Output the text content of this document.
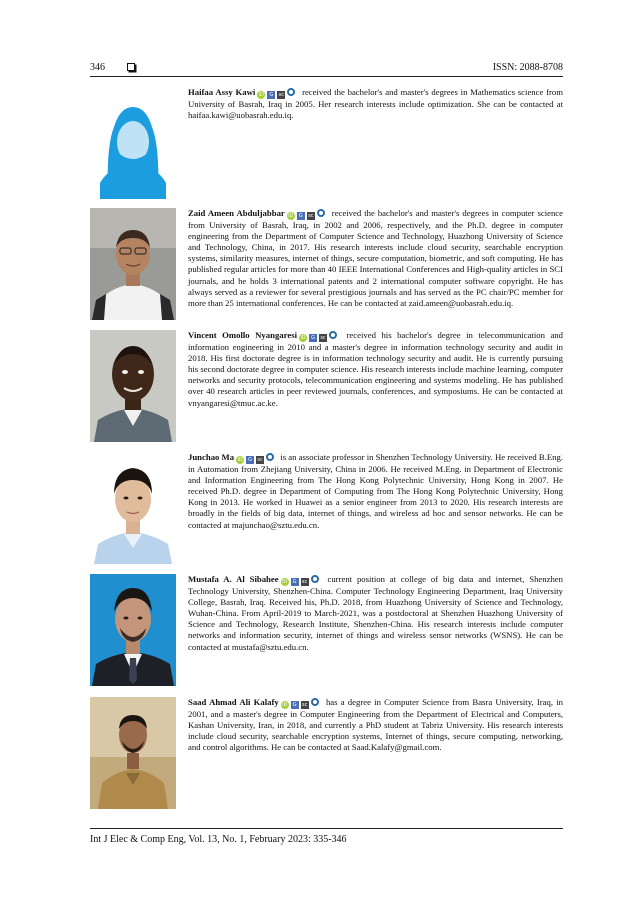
346	ISSN: 2088-8708
Haifaa Assy Kawi iD G sc received the bachelor's and master's degrees in Mathematics science from University of Basrah, Iraq in 2005. Her research interests include optimization. She can be contacted at haifaa.kawi@uobasrah.edu.iq.
Zaid Ameen Abduljabbar iD G sc received the bachelor's and master's degrees in computer science from University of Basrah, Iraq, in 2002 and 2006, respectively, and the Ph.D. degree in computer engineering from the Department of Computer Science and Technology, Huazhong University of Science and Technology, China, in 2017. His research interests include cloud security, searchable encryption systems, similarity measures, internet of things, secure computation, biometric, and soft computing. He has published regular articles for more than 40 IEEE International Conferences and High-quality articles in SCI journals, and he holds 3 international patents and 2 international computer software copyright. He has always served as a reviewer for several prestigious journals and has served as the PC chair/PC member for more than 25 international conferences. He can be contacted at zaid.ameen@uobasrah.edu.iq.
Vincent Omollo Nyangaresi iD G sc received his bachelor's degree in telecommunication and information engineering in 2010 and a master's degree in information technology security and audit in 2018. His first doctorate degree is in information technology security and audit. He is currently pursuing his second doctorate degree in computer science. His research interests include machine learning, computer networks and security protocols, telecommunication engineering and systems modeling. He has published over 40 research articles in peer reviewed journals, conferences, and symposiums. He can be contacted at vnyangaresi@tmuc.ac.ke.
Junchao Ma iD G sc is an associate professor in Shenzhen Technology University. He received B.Eng. in Automation from Zhejiang University, China in 2006. He received M.Eng. in Department of Electronic and Information Engineering from The Hong Kong Polytechnic University, Hong Kong in 2007. He received Ph.D. degree in Department of Computing from The Hong Kong Polytechnic University, Hong Kong in 2013. He worked in Huawei as a senior engineer from 2013 to 2020. His research interests are broadly in the fields of big data, internet of things, and wireless ad hoc and sensor networks. He can be contacted at majunchao@sztu.edu.cn.
Mustafa A. Al Sibahee iD G sc current position at college of big data and internet, Shenzhen Technology University, Shenzhen-China. Computer Technology Engineering Department, Iraq University College, Basrah, Iraq. Received his, Ph.D. 2018, from Huazhong University of Science and Technology, Wuhan-China. From April-2019 to March-2021, was a postdoctoral at Shenzhen Huazhong University of Science and Technology, Research Institute, Shenzhen-China. His research interests include computer networks and information security, internet of things and wireless sensor networks (WSNS). He can be contacted at mustafa@sztu.edu.cn.
Saad Ahmad Ali Kalafy iD G sc has a degree in Computer Science from Basra University, Iraq, in 2001, and a master's degree in Computer Engineering from the Department of Electrical and Computers, Kashan University, Iran, in 2018, and currently a PhD student at Tabriz University. His research interests include cloud security, searchable encryption systems, Internet of things, secure computing, networking, and control algorithms. He can be contacted at Saad.Kalafy@gmail.com.
Int J Elec & Comp Eng, Vol. 13, No. 1, February 2023: 335-346
